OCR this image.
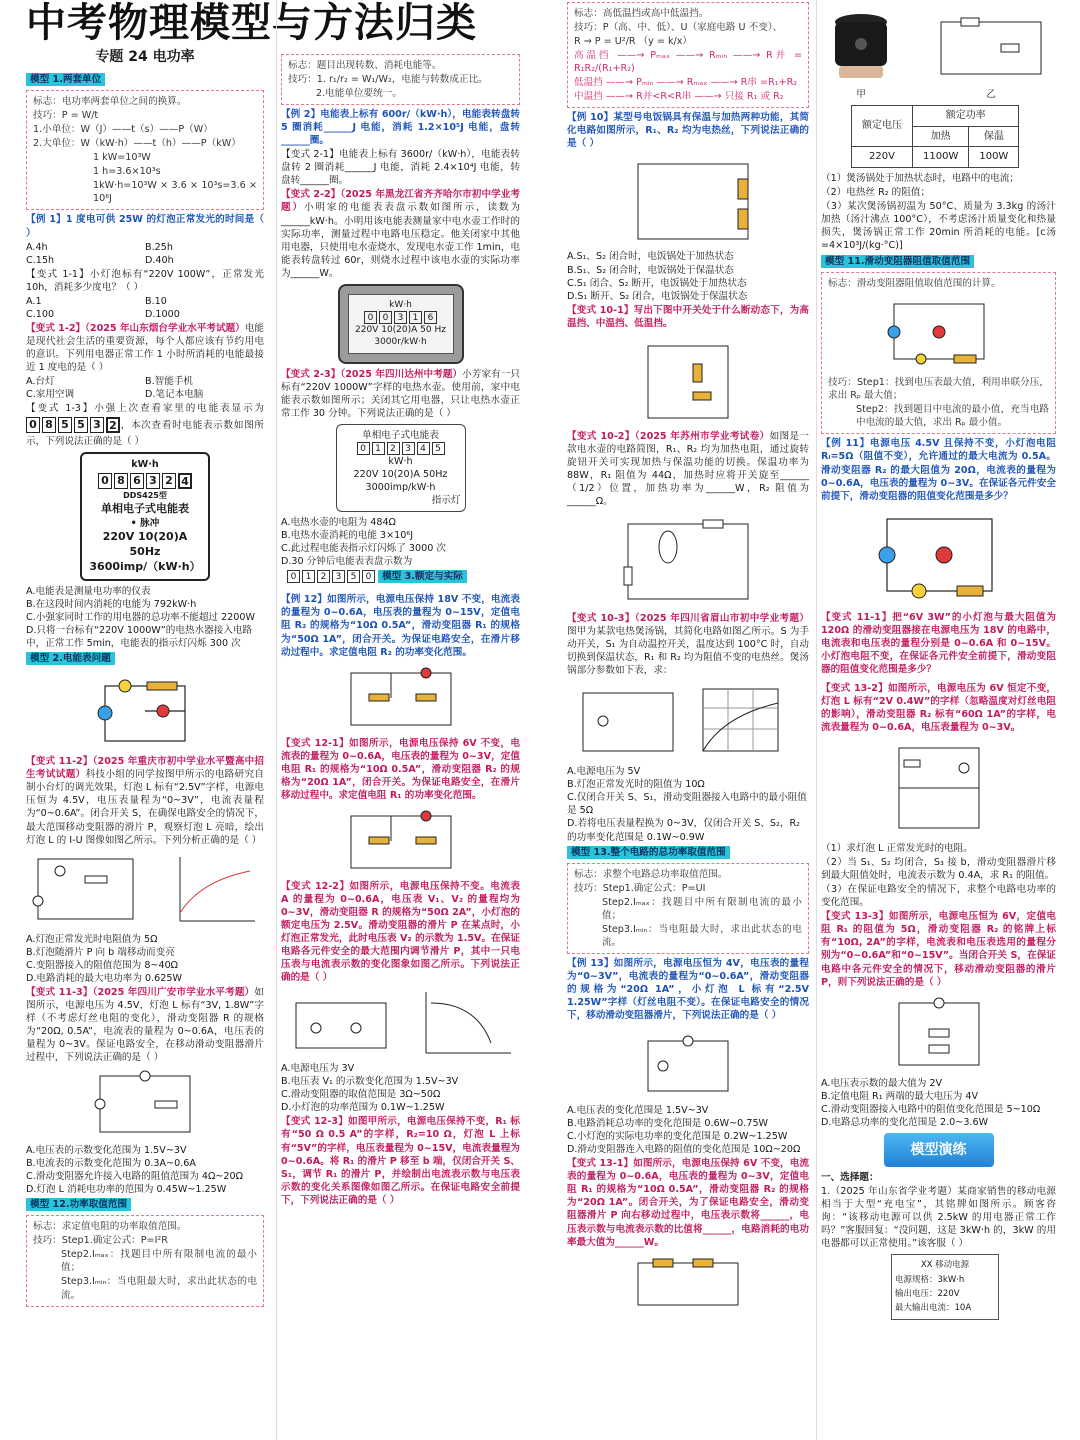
中考物理模型与方法归类
专题 24 电功率
模型 1.两套单位

标志：电功率两套单位之间的换算。

技巧：P = W/t

1.小单位：W（J）——t（s）——P（W）

2.大单位：W（kW·h）——t（h）——P（kW）

1 kW=10³W

1 h=3.6×10³s

1kW·h=10³W × 3.6 × 10³s=3.6 × 10⁶J

【例 1】1 度电可供 25W 的灯泡正常发光的时间是（ ）

A.4h	B.25h
C.15h	D.40h

【变式 1-1】小灯泡标有“220V 100W”，正常发光 10h，消耗多少度电？（ ）

A.1	B.10
C.100	D.1000

【变式 1-2】（2025 年山东烟台学业水平考试题）电能是现代社会生活的重要资源，每个人都应该有节约用电的意识。下列用电器正常工作 1 小时所消耗的电能最接近 1 度电的是（ ）

A.台灯	B.智能手机
C.家用空调	D.笔记本电脑

【变式 1-3】小强上次查看家里的电能表显示为
0 8 5 5 3 2 ，本次查看时电能表示数如图所示，下列说法正确的是（ ）

kW·h
0 8 6 3 2 4
DDS425型
单相电子式电能表
• 脉冲
220V 10(20)A 50Hz
3600imp/（kW·h）
A.电能表是测量电功率的仪表
B.在这段时间内消耗的电能为 792kW·h
C.小强家同时工作的用电器的总功率不能超过 2200W
D.只将一台标有“220V 1000W”的电热水器接入电路中，正常工作 5min，电能表的指示灯闪烁 300 次
模型 2.电能表问题

【变式 11-2】（2025 年重庆市初中学业水平暨高中招生考试试题）科技小组的同学按图甲所示的电路研究自制小台灯的调光效果，灯泡 L 标有“2.5V”字样，电源电压恒为 4.5V，电压表量程为“0~3V”，电流表量程为“0~0.6A”。闭合开关 S，在确保电路安全的情况下，最大范围移动变阻器的滑片 P，观察灯泡 L 亮暗，绘出灯泡 L 的 I-U 图像如图乙所示。下列分析正确的是（ ）

A.灯泡正常发光时电阻值为 5Ω
B.灯泡随滑片 P 向 b 端移动而变亮
C.变阻器接入的阻值范围为 8~40Ω
D.电路消耗的最大电功率为 0.625W

【变式 11-3】（2025 年四川广安市学业水平考题）如图所示，电源电压为 4.5V，灯泡 L 标有“3V, 1.8W”字样（不考虑灯丝电阻的变化），滑动变阻器 R 的规格为“20Ω, 0.5A”，电流表的量程为 0~0.6A，电压表的量程为 0~3V。保证电路安全，在移动滑动变阻器滑片过程中，下列说法正确的是（ ）

A.电压表的示数变化范围为 1.5V~3V
B.电流表的示数变化范围为 0.3A~0.6A
C.滑动变阻器允许接入电路的阻值范围为 4Ω~20Ω
D.灯泡 L 消耗电功率的范围为 0.45W~1.25W
模型 12.功率取值范围

标志：求定值电阻的功率取值范围。

技巧：Step1.确定公式：P=I²R

Step2.Iₘₐₓ：找题目中所有限制电流的最小值；

Step3.Iₘᵢₙ：当电阻最大时，求出此状态的电流。

标志：题目出现转数、消耗电能等。

技巧：1. r₁/r₂ = W₁/W₂，电能与转数成正比。

2.电能单位要统一。

【例 2】电能表上标有 600r/（kW·h），电能表转盘转 5 圈消耗______J 电能，消耗 1.2×10⁵J 电能，盘转______圈。

【变式 2-1】电能表上标有 3600r/（kW·h），电能表转盘转 2 圈消耗______J 电能，消耗 2.4×10⁴J 电能，转盘转______圈。

【变式 2-2】（2025 年黑龙江省齐齐哈尔市初中学业考题）小明家的电能表表盘示数如图所示，读数为______kW·h。小明用该电能表测量家中电水壶工作时的实际功率，测量过程中电路电压稳定。他关闭家中其他用电器，只使用电水壶烧水，发现电水壶工作 1min，电能表转盘转过 60r，则烧水过程中该电水壶的实际功率为______W。

kW·h
0	0	3	1	6
220V 10(20)A 50 Hz
3000r/kW·h

【变式 2-3】（2025 年四川达州中考题）小芳家有一只标有“220V 1000W”字样的电热水壶。使用前，家中电能表示数如图所示；关闭其它用电器，只让电热水壶正常工作 30 分钟。下列说法正确的是（ ）

单相电子式电能表
0	1	2	3	4	5
kW·h
220V 10(20)A 50Hz
3000imp/kW·h
指示灯
A.电热水壶的电阻为 484Ω
B.电热水壶消耗的电能 3×10⁶J
C.此过程电能表指示灯闪烁了 3000 次
D.30 分钟后电能表表盘示数为
0	1	2	3	5	0	模型 3.额定与实际

【例 12】如图所示，电源电压保持 18V 不变，电流表的量程为 0~0.6A，电压表的量程为 0~15V，定值电阻 R₂ 的规格为“10Ω 0.5A”，滑动变阻器 R₁ 的规格为“50Ω 1A”，闭合开关。为保证电路安全，在滑片移动过程中。求定值电阻 R₂ 的功率变化范围。

【变式 12-1】如图所示，电源电压保持 6V 不变，电流表的量程为 0~0.6A，电压表的量程为 0~3V，定值电阻 R₁ 的规格为“10Ω 0.5A”，滑动变阻器 R₂ 的规格为“20Ω 1A”，闭合开关。为保证电路安全，在滑片移动过程中。求定值电阻 R₁ 的功率变化范围。

【变式 12-2】如图所示，电源电压保持不变。电流表 A 的量程为 0~0.6A，电压表 V₁、V₂ 的量程均为 0~3V，滑动变阻器 R 的规格为“50Ω 2A”，小灯泡的额定电压为 2.5V。滑动变阻器的滑片 P 在某点时，小灯泡正常发光，此时电压表 V₂ 的示数为 1.5V。在保证电路各元件安全的最大范围内调节滑片 P，其中一只电压表与电流表示数的变化图象如图乙所示。下列说法正确的是（ ）

A.电源电压为 3V
B.电压表 V₁ 的示数变化范围为 1.5V~3V
C.滑动变阻器的取值范围是 3Ω~50Ω
D.小灯泡的功率范围为 0.1W~1.25W

【变式 12-3】如图甲所示，电源电压保持不变，R₁ 标有“50 Ω 0.5 A”的字样，R₂=10 Ω，灯泡 L 上标有“5V”的字样，电压表量程为 0~15V，电流表量程为 0~0.6A。将 R₁ 的滑片 P 移至 b 端，仅闭合开关 S、S₁，调节 R₁ 的滑片 P，并绘制出电流表示数与电压表示数的变化关系图像如图乙所示。在保证电路安全前提下，下列说法正确的是（ ）

标志：高低温挡或高中低温挡。

技巧：P（高、中、低）、U（家庭电路 U 不变）、

R ⇒ P = U²/R （y = k/x）

高温挡 ——→ Pₘₐₓ ——→ Rₘᵢₙ ——→ R并 = R₁R₂/(R₁+R₂)

低温挡 ——→ Pₘᵢₙ ——→ Rₘₐₓ ——→ R串 =R₁+R₂

中温挡 ——→ R并<R<R串 ——→ 只接 R₁ 或 R₂

【例 10】某型号电饭锅具有保温与加热两种功能，其简化电路如图所示，R₁、R₂ 均为电热丝，下列说法正确的是（ ）

A.S₁、S₂ 闭合时，电饭锅处于加热状态
B.S₁、S₂ 闭合时，电饭锅处于保温状态
C.S₁ 闭合、S₂ 断开，电饭锅处于加热状态
D.S₁ 断开、S₂ 闭合，电饭锅处于保温状态

【变式 10-1】写出下图中开关处于什么断动态下，为高温挡、中温挡、低温挡。

【变式 10-2】（2025 年苏州市学业考试卷）如图是一款电水壶的电路简图，R₁、R₂ 均为加热电阻，通过旋转旋钮开关可实现加热与保温功能的切换。保温功率为 88W，R₁ 阻值为 44Ω，加热时应将开关旋至______（1/2）位置，加热功率为______W，R₂ 阻值为______Ω。

【变式 10-3】（2025 年四川省眉山市初中学业考题）图甲为某款电热煲汤锅，其简化电路如图乙所示。S 为手动开关，S₁ 为自动温控开关，温度达到 100°C 时，自动切换到保温状态，R₁ 和 R₂ 均为阻值不变的电热丝。煲汤锅部分参数如下表，求：

A.电源电压为 5V
B.灯泡正常发光时的阻值为 10Ω
C.仅闭合开关 S、S₁，滑动变阻器接入电路中的最小阻值是 5Ω
D.若将电压表量程换为 0~3V，仅闭合开关 S、S₂，R₂ 的功率变化范围是 0.1W~0.9W
模型 13.整个电路的总功率取值范围

标志：求整个电路总功率取值范围。

技巧：Step1.确定公式：P=UI

Step2.Iₘₐₓ：找题目中所有限制电流的最小值；

Step3.Iₘᵢₙ：当电阻最大时，求出此状态的电流。

【例 13】如图所示，电源电压恒为 4V，电压表的量程为“0~3V”，电流表的量程为“0~0.6A”，滑动变阻器的规格为“20Ω 1A”，小灯泡 L 标有“2.5V 1.25W”字样（灯丝电阻不变）。在保证电路安全的情况下，移动滑动变阻器滑片，下列说法正确的是（ ）

A.电压表的变化范围是 1.5V~3V
B.电路消耗总功率的变化范围是 0.6W~0.75W
C.小灯泡的实际电功率的变化范围是 0.2W~1.25W
D.滑动变阻器连入电路的阻值的变化范围是 10Ω~20Ω

【变式 13-1】如图所示，电源电压保持 6V 不变，电流表的量程为 0~0.6A，电压表的量程为 0~3V，定值电阻 R₁ 的规格为“10Ω 0.5A”，滑动变阻器 R₂ 的规格为“20Ω 1A”。闭合开关，为了保证电路安全，滑动变阻器滑片 P 向右移动过程中，电压表示数将______，电压表示数与电流表示数的比值将______，电路消耗的电功率最大值为______W。

甲	乙
额定电压	额定功率	
	加热	保温
220V	1100W	100W

（1）煲汤锅处于加热状态时，电路中的电流；

（2）电热丝 R₂ 的阻值；

（3）某次煲汤锅初温为 50°C、质量为 3.3kg 的汤汁加热（汤汁沸点 100°C），不考虑汤汁质量变化和热量损失，煲汤锅正常工作 20min 所消耗的电能。[c汤=4×10³J/(kg·°C)]

模型 11.滑动变阻器阻值取值范围

标志：滑动变阻器阻值取值范围的计算。

技巧：Step1：找到电压表最大值，利用串联分压，求出 Rₚ 最大值；

Step2：找到题目中电流的最小值，充当电路中电流的最大值，求出 Rₚ 最小值。

【例 11】电源电压 4.5V 且保持不变，小灯泡电阻 Rₗ=5Ω（阻值不变），允许通过的最大电流为 0.5A。滑动变阻器 R₂ 的最大阻值为 20Ω，电流表的量程为 0~0.6A，电压表的量程为 0~3V。在保证各元件安全前提下，滑动变阻器的阻值变化范围是多少？

【变式 11-1】把“6V 3W”的小灯泡与最大阻值为 120Ω 的滑动变阻器接在电源电压为 18V 的电路中，电流表和电压表的量程分别是 0~0.6A 和 0~15V。小灯泡电阻不变，在保证各元件安全前提下，滑动变阻器的阻值变化范围是多少？

【变式 13-2】如图所示，电源电压为 6V 恒定不变，灯泡 L 标有“2V 0.4W”的字样（忽略温度对灯丝电阻的影响），滑动变阻器 R₂ 标有“60Ω 1A”的字样，电流表量程为 0~0.6A，电压表量程为 0~3V。

（1）求灯泡 L 正常发光时的电阻。

（2）当 S₁、S₂ 均闭合，S₃ 接 b，滑动变阻器滑片移到最大阻值处时，电流表示数为 0.4A，求 R₁ 的阻值。

（3）在保证电路安全的情况下，求整个电路电功率的变化范围。

【变式 13-3】如图所示，电源电压恒为 6V，定值电阻 R₁ 的阻值为 5Ω，滑动变阻器 R₂ 的铭牌上标有“10Ω, 2A”的字样，电流表和电压表选用的量程分别为“0~0.6A”和“0~15V”。当闭合开关 S，在保证电路中各元件安全的情况下，移动滑动变阻器的滑片 P，则下列说法正确的是（ ）

A.电压表示数的最大值为 2V
B.定值电阻 R₁ 两端的最大电压为 4V
C.滑动变阻器接入电路中的阻值变化范围是 5~10Ω
D.电路总功率的变化范围是 2.0~3.6W
模型演练

一、选择题：

1.（2025 年山东省学业考题）某商家销售的移动电源相当于大型“充电宝”，其铭牌如图所示。顾客咨询：“该移动电源可以供 2.5kW 的用电器正常工作吗？”客服回复：“没问题，这是 3kW·h 的，3kW 的用电器都可以正常使用。”该客服（ ）

XX 移动电源
电源规格：3kW·h
输出电压：220V
最大输出电流：10A
